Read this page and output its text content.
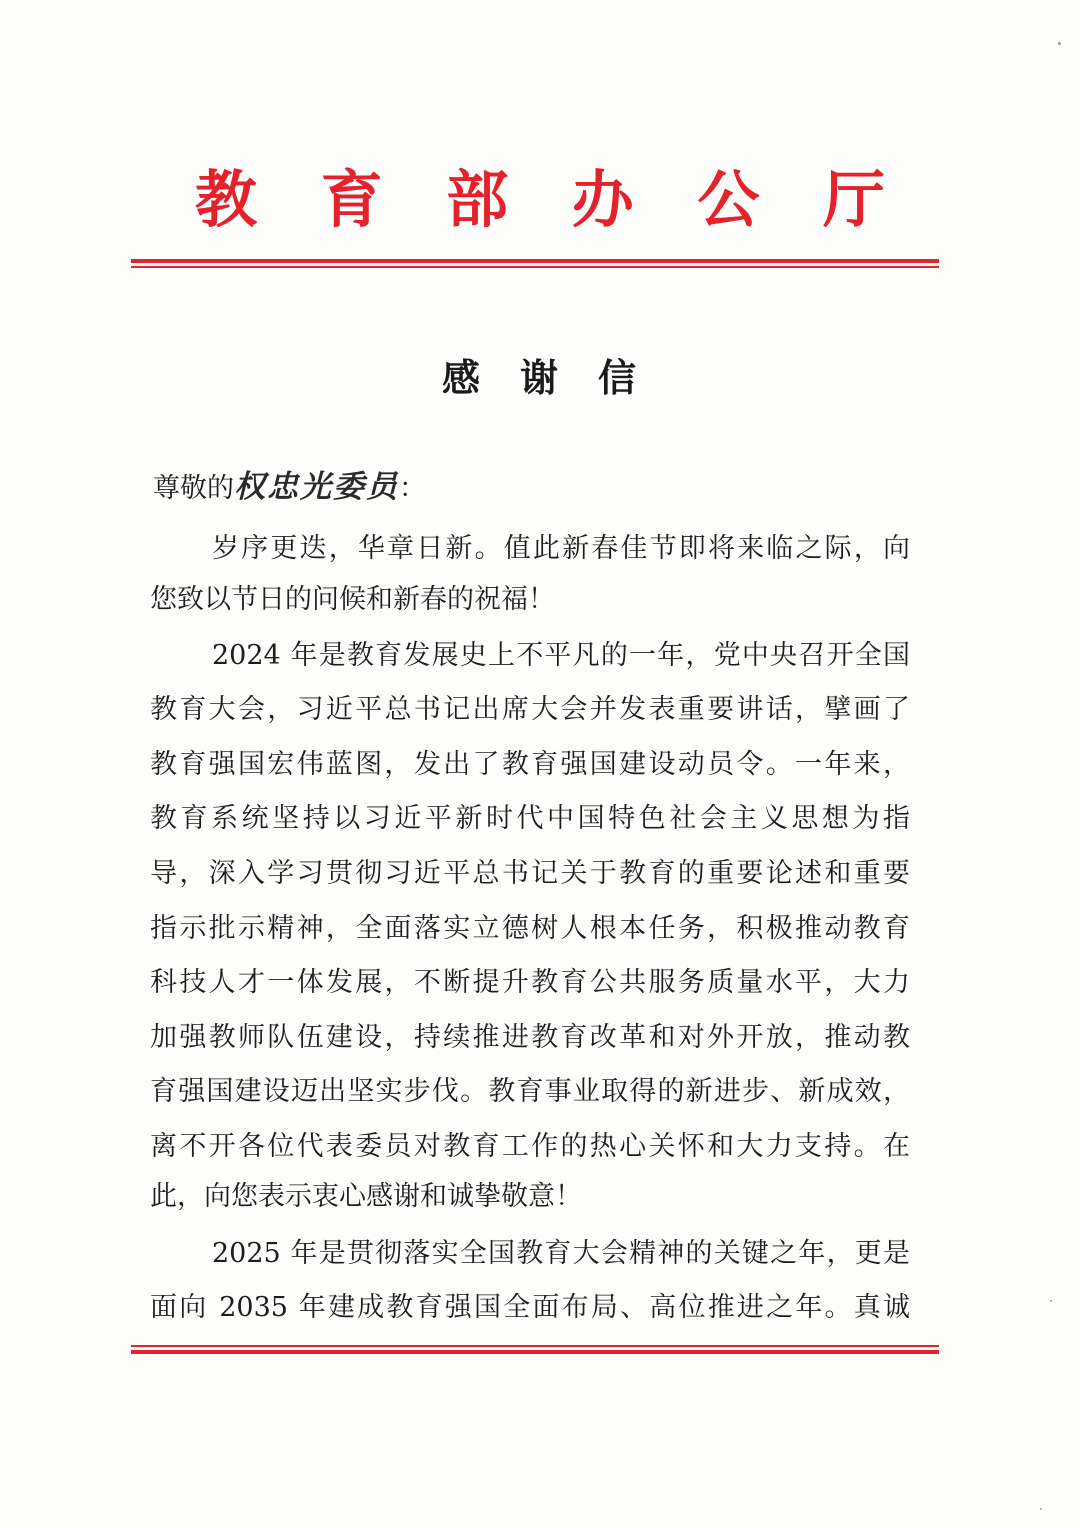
教 育 部 办 公 厅
感 谢 信
尊敬的权忠光委员：
岁序更迭，华章日新。值此新春佳节即将来临之际，向
您致以节日的问候和新春的祝福！
2024 年是教育发展史上不平凡的一年，党中央召开全国
教育大会，习近平总书记出席大会并发表重要讲话，擘画了
教育强国宏伟蓝图，发出了教育强国建设动员令。一年来，
教育系统坚持以习近平新时代中国特色社会主义思想为指
导，深入学习贯彻习近平总书记关于教育的重要论述和重要
指示批示精神，全面落实立德树人根本任务，积极推动教育
科技人才一体发展，不断提升教育公共服务质量水平，大力
加强教师队伍建设，持续推进教育改革和对外开放，推动教
育强国建设迈出坚实步伐。教育事业取得的新进步、新成效，
离不开各位代表委员对教育工作的热心关怀和大力支持。在
此，向您表示衷心感谢和诚挚敬意！
2025 年是贯彻落实全国教育大会精神的关键之年，更是
面向 2035 年建成教育强国全面布局、高位推进之年。真诚
